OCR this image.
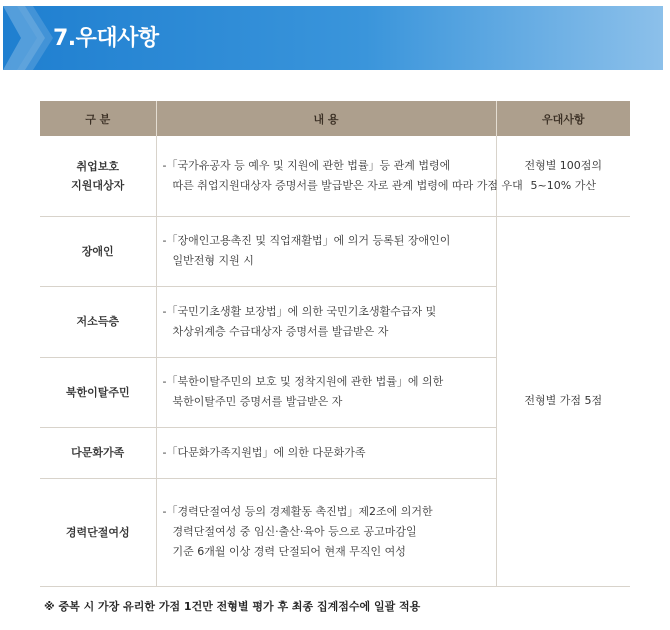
7.우대사항
구 분	내 용	우대사항
취업보호
지원대상자	-「국가유공자 등 예우 및 지원에 관한 법률」등 관계 법령에
따른 취업지원대상자 증명서를 발급받은 자로 관계 법령에 따라 가점 우대	전형별 100점의
5~10% 가산

장애인	-「장애인고용촉진 및 직업재활법」에 의거 등록된 장애인이
일반전형 지원 시	전형별 가점 5점

저소득층	-「국민기초생활 보장법」에 의한 국민기초생활수급자 및
차상위계층 수급대상자 증명서를 발급받은 자	

북한이탈주민	-「북한이탈주민의 보호 및 정착지원에 관한 법률」에 의한
북한이탈주민 증명서를 발급받은 자	

다문화가족	-「다문화가족지원법」에 의한 다문화가족	

경력단절여성	-「경력단절여성 등의 경제활동 촉진법」제2조에 의거한
경력단절여성 중 임신·출산·육아 등으로 공고마감일
기준 6개월 이상 경력 단절되어 현재 무직인 여성	
※ 중복 시 가장 유리한 가점 1건만 전형별 평가 후 최종 집계점수에 일괄 적용
